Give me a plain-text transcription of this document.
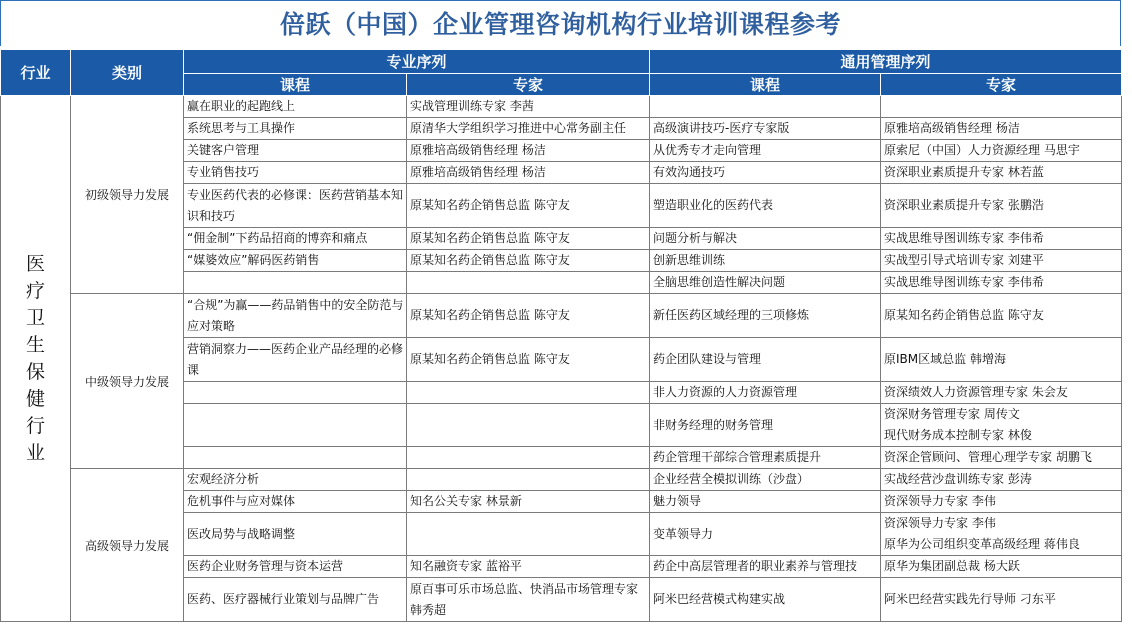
倍跃（中国）企业管理咨询机构行业培训课程参考
行业	类别	专业序列		通用管理序列	
		课程	专家	课程	专家
医疗卫生保健行业	初级领导力发展	赢在职业的起跑线上	实战管理训练专家 李茜		
		系统思考与工具操作	原清华大学组织学习推进中心常务副主任	高级演讲技巧-医疗专家版	原雅培高级销售经理 杨洁
		关键客户管理	原雅培高级销售经理 杨洁	从优秀专才走向管理	原索尼（中国）人力资源经理 马思宇
		专业销售技巧	原雅培高级销售经理 杨洁	有效沟通技巧	资深职业素质提升专家 林若蓝
		专业医药代表的必修课：医药营销基本知识和技巧	原某知名药企销售总监 陈守友	塑造职业化的医药代表	资深职业素质提升专家 张鹏浩
		“佣金制”下药品招商的博弈和痛点	原某知名药企销售总监 陈守友	问题分析与解决	实战思维导图训练专家 李伟希
		“媒婆效应”解码医药销售	原某知名药企销售总监 陈守友	创新思维训练	实战型引导式培训专家 刘建平
				全脑思维创造性解决问题	实战思维导图训练专家 李伟希
	中级领导力发展	“合规”为赢——药品销售中的安全防范与应对策略	原某知名药企销售总监 陈守友	新任医药区域经理的三项修炼	原某知名药企销售总监 陈守友
		营销洞察力——医药企业产品经理的必修课	原某知名药企销售总监 陈守友	药企团队建设与管理	原IBM区域总监 韩增海
				非人力资源的人力资源管理	资深绩效人力资源管理专家 朱会友
				非财务经理的财务管理	资深财务管理专家 周传文
现代财务成本控制专家 林俊

				药企管理干部综合管理素质提升	资深企管顾问、管理心理学专家 胡鹏飞
	高级领导力发展	宏观经济分析		企业经营全模拟训练（沙盘）	实战经营沙盘训练专家 彭涛
		危机事件与应对媒体	知名公关专家 林景新	魅力领导	资深领导力专家 李伟
		医改局势与战略调整		变革领导力	资深领导力专家 李伟
原华为公司组织变革高级经理 蒋伟良

		医药企业财务管理与资本运营	知名融资专家 蓝裕平	药企中高层管理者的职业素养与管理技	原华为集团副总裁 杨大跃
		医药、医疗器械行业策划与品牌广告	原百事可乐市场总监、快消品市场管理专家 韩秀超	阿米巴经营模式构建实战	阿米巴经营实践先行导师 刁东平
